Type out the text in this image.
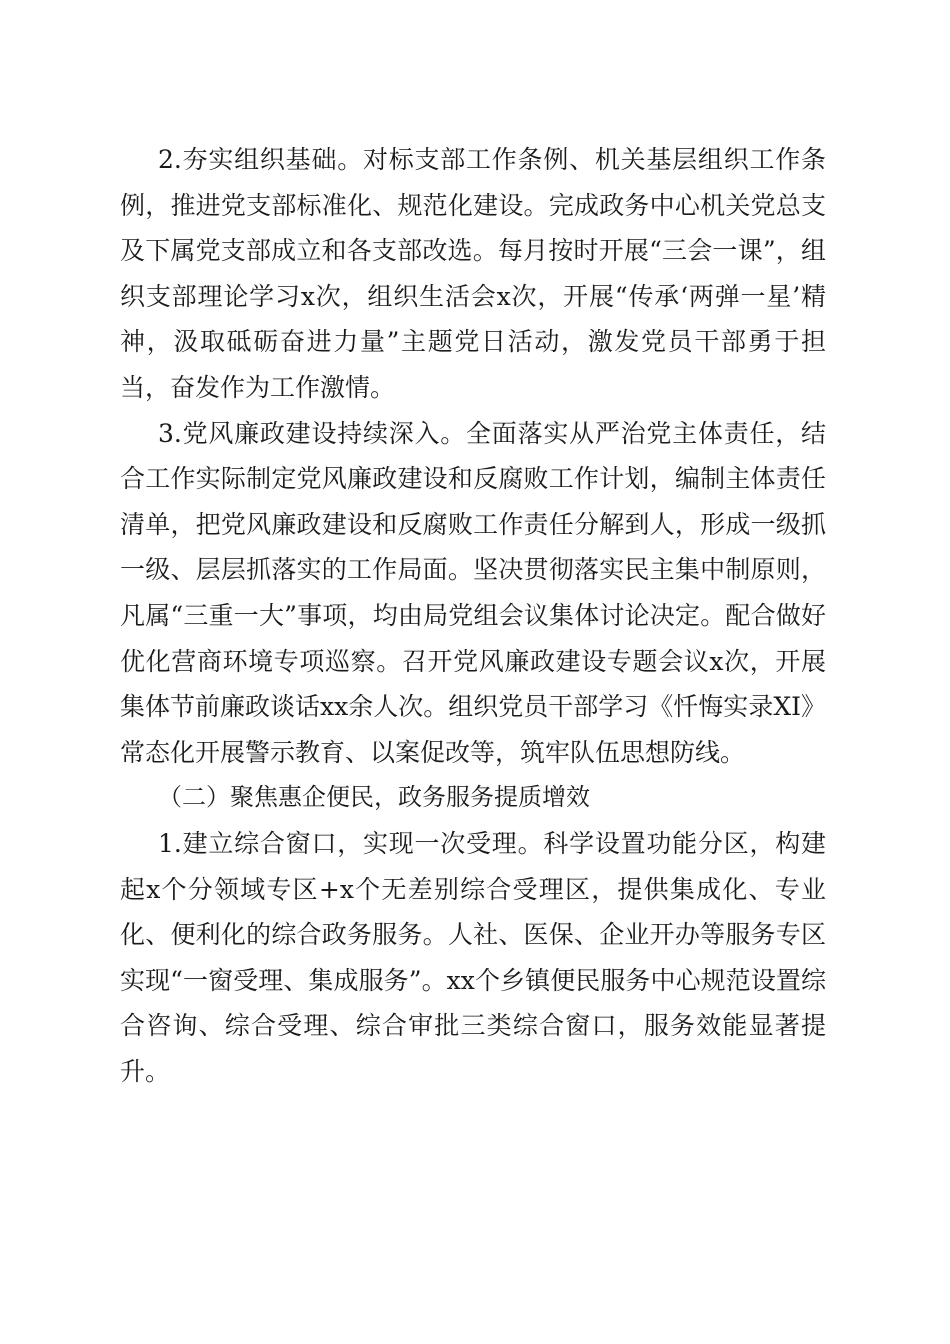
2.夯实组织基础。对标支部工作条例、机关基层组织工作条例，推进党支部标准化、规范化建设。完成政务中心机关党总支及下属党支部成立和各支部改选。每月按时开展“三会一课”，组织支部理论学习x次，组织生活会x次，开展“传承‘两弹一星’精神，汲取砥砺奋进力量”主题党日活动，激发党员干部勇于担当，奋发作为工作激情。

3.党风廉政建设持续深入。全面落实从严治党主体责任，结合工作实际制定党风廉政建设和反腐败工作计划，编制主体责任清单，把党风廉政建设和反腐败工作责任分解到人，形成一级抓一级、层层抓落实的工作局面。坚决贯彻落实民主集中制原则，凡属“三重一大”事项，均由局党组会议集体讨论决定。配合做好优化营商环境专项巡察。召开党风廉政建设专题会议x次，开展集体节前廉政谈话xx余人次。组织党员干部学习《忏悔实录XI》常态化开展警示教育、以案促改等，筑牢队伍思想防线。

（二）聚焦惠企便民，政务服务提质增效

1.建立综合窗口，实现一次受理。科学设置功能分区，构建起x个分领域专区+x个无差别综合受理区，提供集成化、专业化、便利化的综合政务服务。人社、医保、企业开办等服务专区实现“一窗受理、集成服务”。xx个乡镇便民服务中心规范设置综合咨询、综合受理、综合审批三类综合窗口，服务效能显著提升。
